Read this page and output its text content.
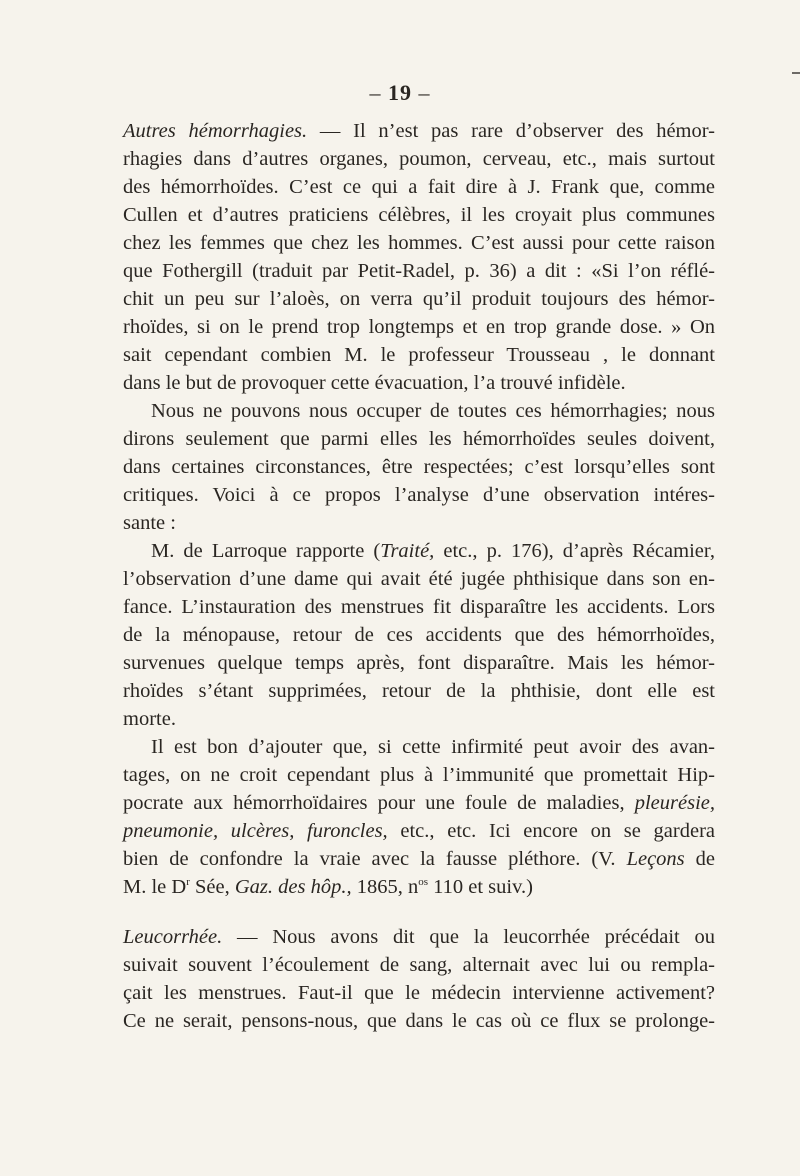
– 19 –
Autres hémorrhagies. — Il n’est pas rare d’observer des hémor-
rhagies dans d’autres organes, poumon, cerveau, etc., mais surtout
des hémorrhoïdes. C’est ce qui a fait dire à J. Frank que, comme
Cullen et d’autres praticiens célèbres, il les croyait plus communes
chez les femmes que chez les hommes. C’est aussi pour cette raison
que Fothergill (traduit par Petit-Radel, p. 36) a dit : «Si l’on réflé-
chit un peu sur l’aloès, on verra qu’il produit toujours des hémor-
rhoïdes, si on le prend trop longtemps et en trop grande dose. » On
sait cependant combien M. le professeur Trousseau , le donnant
dans le but de provoquer cette évacuation, l’a trouvé infidèle.
Nous ne pouvons nous occuper de toutes ces hémorrhagies; nous
dirons seulement que parmi elles les hémorrhoïdes seules doivent,
dans certaines circonstances, être respectées; c’est lorsqu’elles sont
critiques. Voici à ce propos l’analyse d’une observation intéres-
sante :
M. de Larroque rapporte (Traité, etc., p. 176), d’après Récamier,
l’observation d’une dame qui avait été jugée phthisique dans son en-
fance. L’instauration des menstrues fit disparaître les accidents. Lors
de la ménopause, retour de ces accidents que des hémorrhoïdes,
survenues quelque temps après, font disparaître. Mais les hémor-
rhoïdes s’étant supprimées, retour de la phthisie, dont elle est
morte.
Il est bon d’ajouter que, si cette infirmité peut avoir des avan-
tages, on ne croit cependant plus à l’immunité que promettait Hip-
pocrate aux hémorrhoïdaires pour une foule de maladies, pleurésie,
pneumonie, ulcères, furoncles, etc., etc. Ici encore on se gardera
bien de confondre la vraie avec la fausse pléthore. (V. Leçons de
M. le $D^r$ Sée, Gaz. des hôp., 1865, $n^{os}$ 110 et suiv.)
Leucorrhée. — Nous avons dit que la leucorrhée précédait ou
suivait souvent l’écoulement de sang, alternait avec lui ou rempla-
çait les menstrues. Faut-il que le médecin intervienne activement?
Ce ne serait, pensons-nous, que dans le cas où ce flux se prolonge-
